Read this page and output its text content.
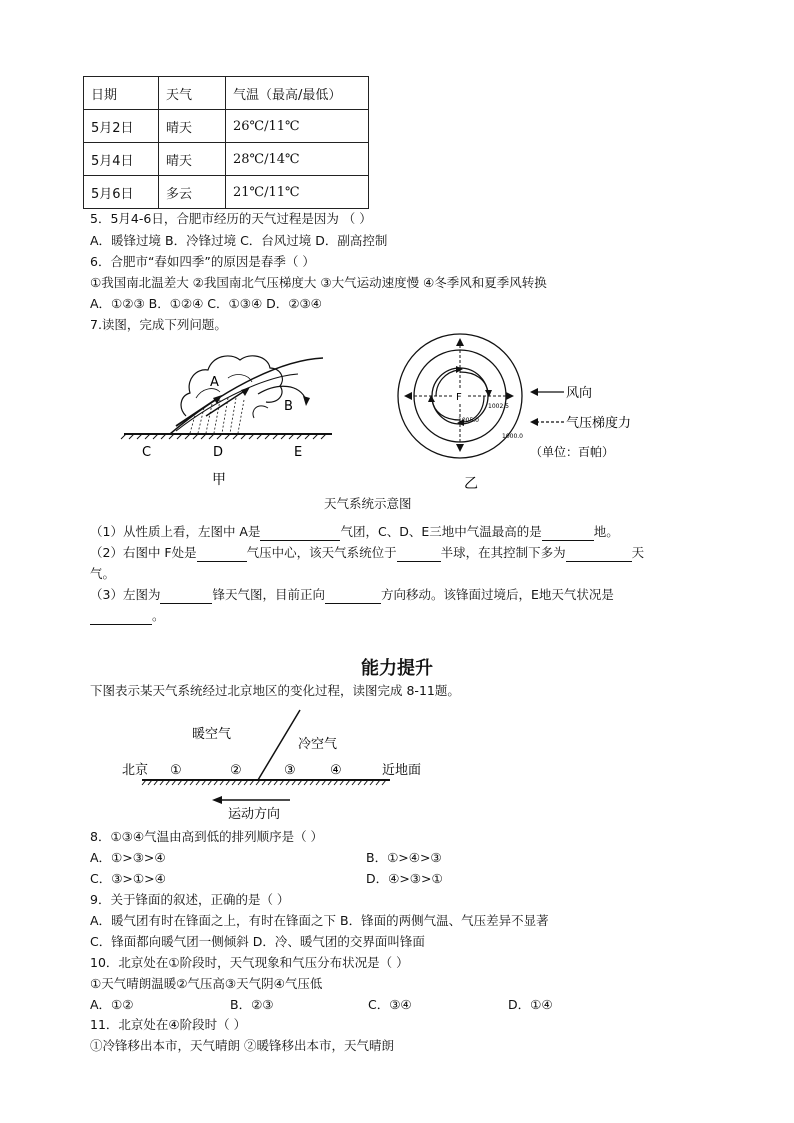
日期	天气	气温（最高/最低）
5月2日	晴天	26℃/11℃
5月4日	晴天	28℃/14℃
5月6日	多云	21℃/11℃
5．5月4-6日，合肥市经历的天气过程是因为 （ ）
A．暖锋过境 B．冷锋过境 C．台风过境 D．副高控制
6．合肥市“春如四季”的原因是春季（ ）
①我国南北温差大 ②我国南北气压梯度大 ③大气运动速度慢 ④冬季风和夏季风转换
A．①②③ B．①②④ C．①③④ D．②③④
7.读图，完成下列问题。
A
B
C	D	E
甲
F
1005.0
1002.5
1000.0
风向
气压梯度力
（单位：百帕）
乙
天气系统示意图
（1）从性质上看，左图中 A是	气团，C、D、E三地中气温最高的是	地。
（2）右图中 F处是	气压中心，该天气系统位于	半球，在其控制下多为	天
气。
（3）左图为	锋天气图，目前正向	方向移动。该锋面过境后，E地天气状况是
。
能力提升
下图表示某天气系统经过北京地区的变化过程，读图完成 8-11题。
暖空气
冷空气
北京 ①	②	③	④	近地面
运动方向
8．①③④气温由高到低的排列顺序是（ ）
A．①>③>④	B．①>④>③
C．③>①>④	D．④>③>①
9．关于锋面的叙述，正确的是（ ）
A．暖气团有时在锋面之上，有时在锋面之下 B．锋面的两侧气温、气压差异不显著
C．锋面都向暖气团一侧倾斜 D．冷、暖气团的交界面叫锋面
10．北京处在①阶段时，天气现象和气压分布状况是（ ）
①天气晴朗温暖②气压高③天气阴④气压低
A．①②	B．②③	C．③④	D．①④
11．北京处在④阶段时（ ）
①冷锋移出本市，天气晴朗 ②暖锋移出本市，天气晴朗
